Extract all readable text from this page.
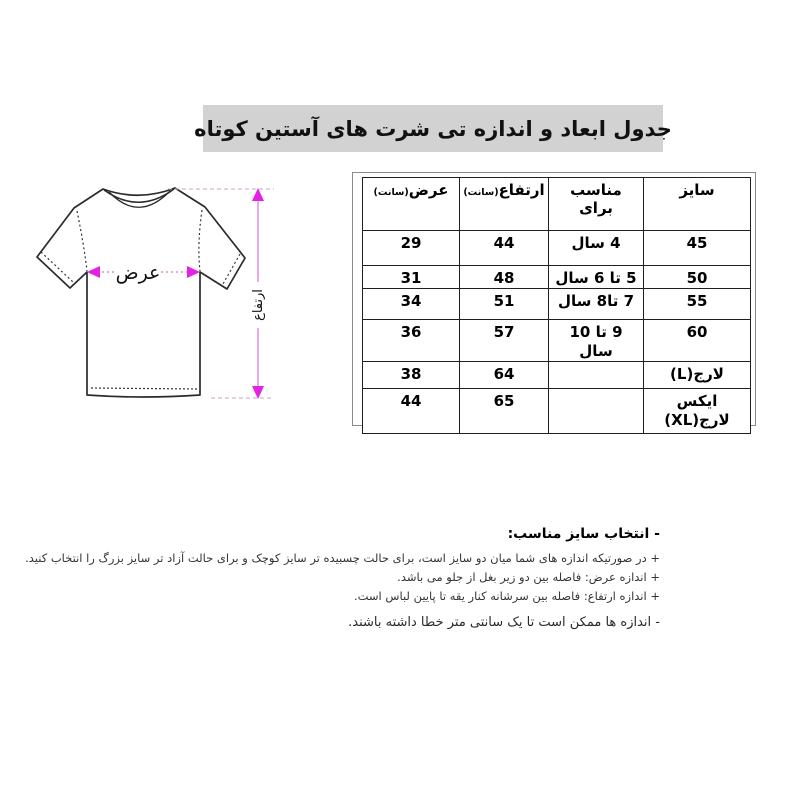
جدول ابعاد و اندازه تی شرت های آستین کوتاه
عرض
ارتفاع
سایز	مناسب برای	ارتفاع(سانت)	عرض(سانت)
45	4 سال	44	29
50	5 تا 6 سال	48	31
55	7 تا8 سال	51	34
60	9 تا 10 سال	57	36
لارج(L)		64	38
ایکس لارج(XL)		65	44
- انتخاب سایز مناسب:
+ در صورتیکه اندازه های شما میان دو سایز است، برای حالت چسبیده تر سایز کوچک و برای حالت آزاد تر سایز بزرگ را انتخاب کنید.
+ اندازه عرض: فاصله بین دو زیر بغل از جلو می باشد.
+ اندازه ارتفاع: فاصله بین سرشانه کنار یقه تا پایین لباس است.
- اندازه ها ممکن است تا یک سانتی متر خطا داشته باشند.
